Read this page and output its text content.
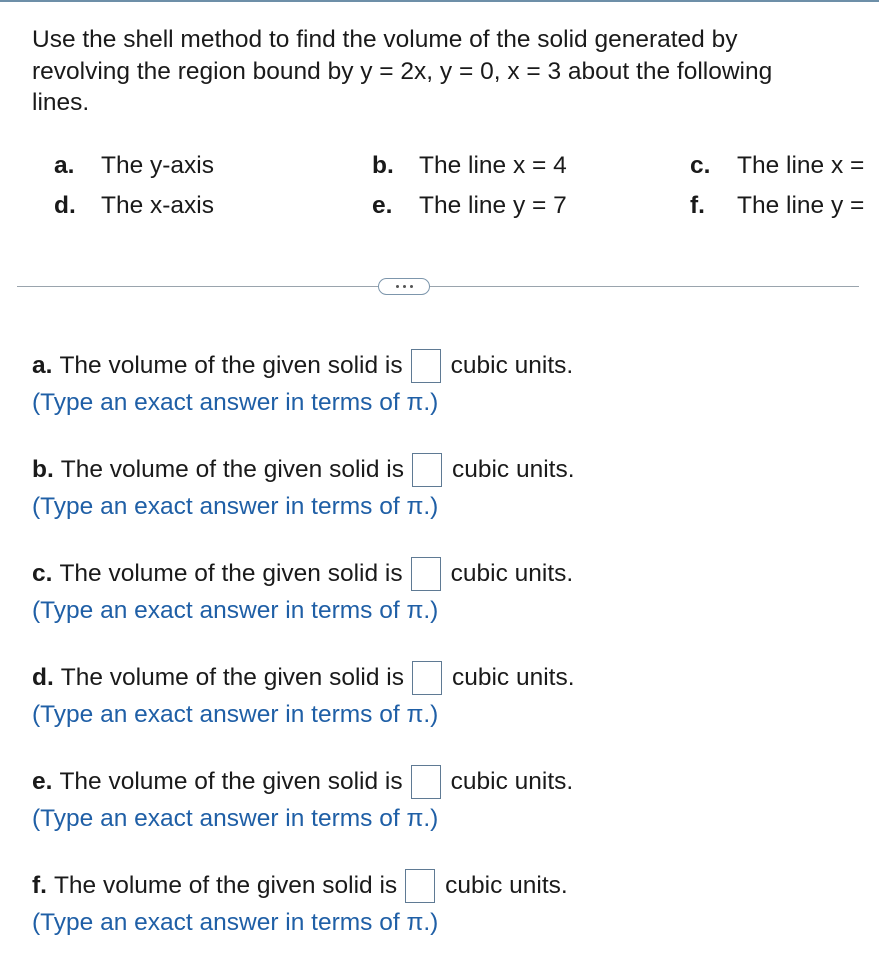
Use the shell method to find the volume of the solid generated by revolving the region bound by y = 2x, y = 0, x = 3 about the following lines.
a. The y-axis	b. The line x = 4	c. The line x =
d. The x-axis	e. The line y = 7	f. The line y =
a. The volume of the given solid is cubic units.
(Type an exact answer in terms of π.)
b. The volume of the given solid is cubic units.
(Type an exact answer in terms of π.)
c. The volume of the given solid is cubic units.
(Type an exact answer in terms of π.)
d. The volume of the given solid is cubic units.
(Type an exact answer in terms of π.)
e. The volume of the given solid is cubic units.
(Type an exact answer in terms of π.)
f. The volume of the given solid is cubic units.
(Type an exact answer in terms of π.)
